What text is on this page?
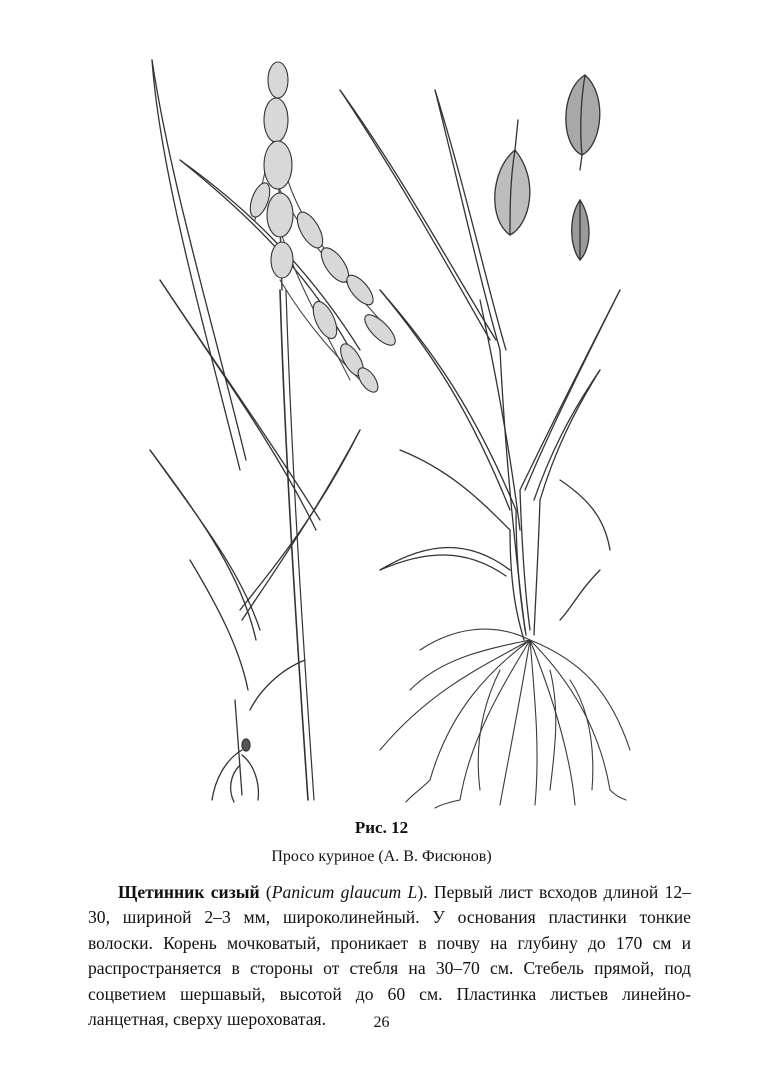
Рис. 12
Просо куриное (А. В. Фисюнов)

Щетинник сизый (Panicum glaucum L). Первый лист всходов длиной 12–30, шириной 2–3 мм, широколинейный. У основания пластинки тонкие волоски. Корень мочковатый, проникает в почву на глубину до 170 см и распространяется в стороны от стебля на 30–70 см. Стебель прямой, под соцветием шершавый, высотой до 60 см. Пластинка листьев линейно-ланцетная, сверху шероховатая.	26
